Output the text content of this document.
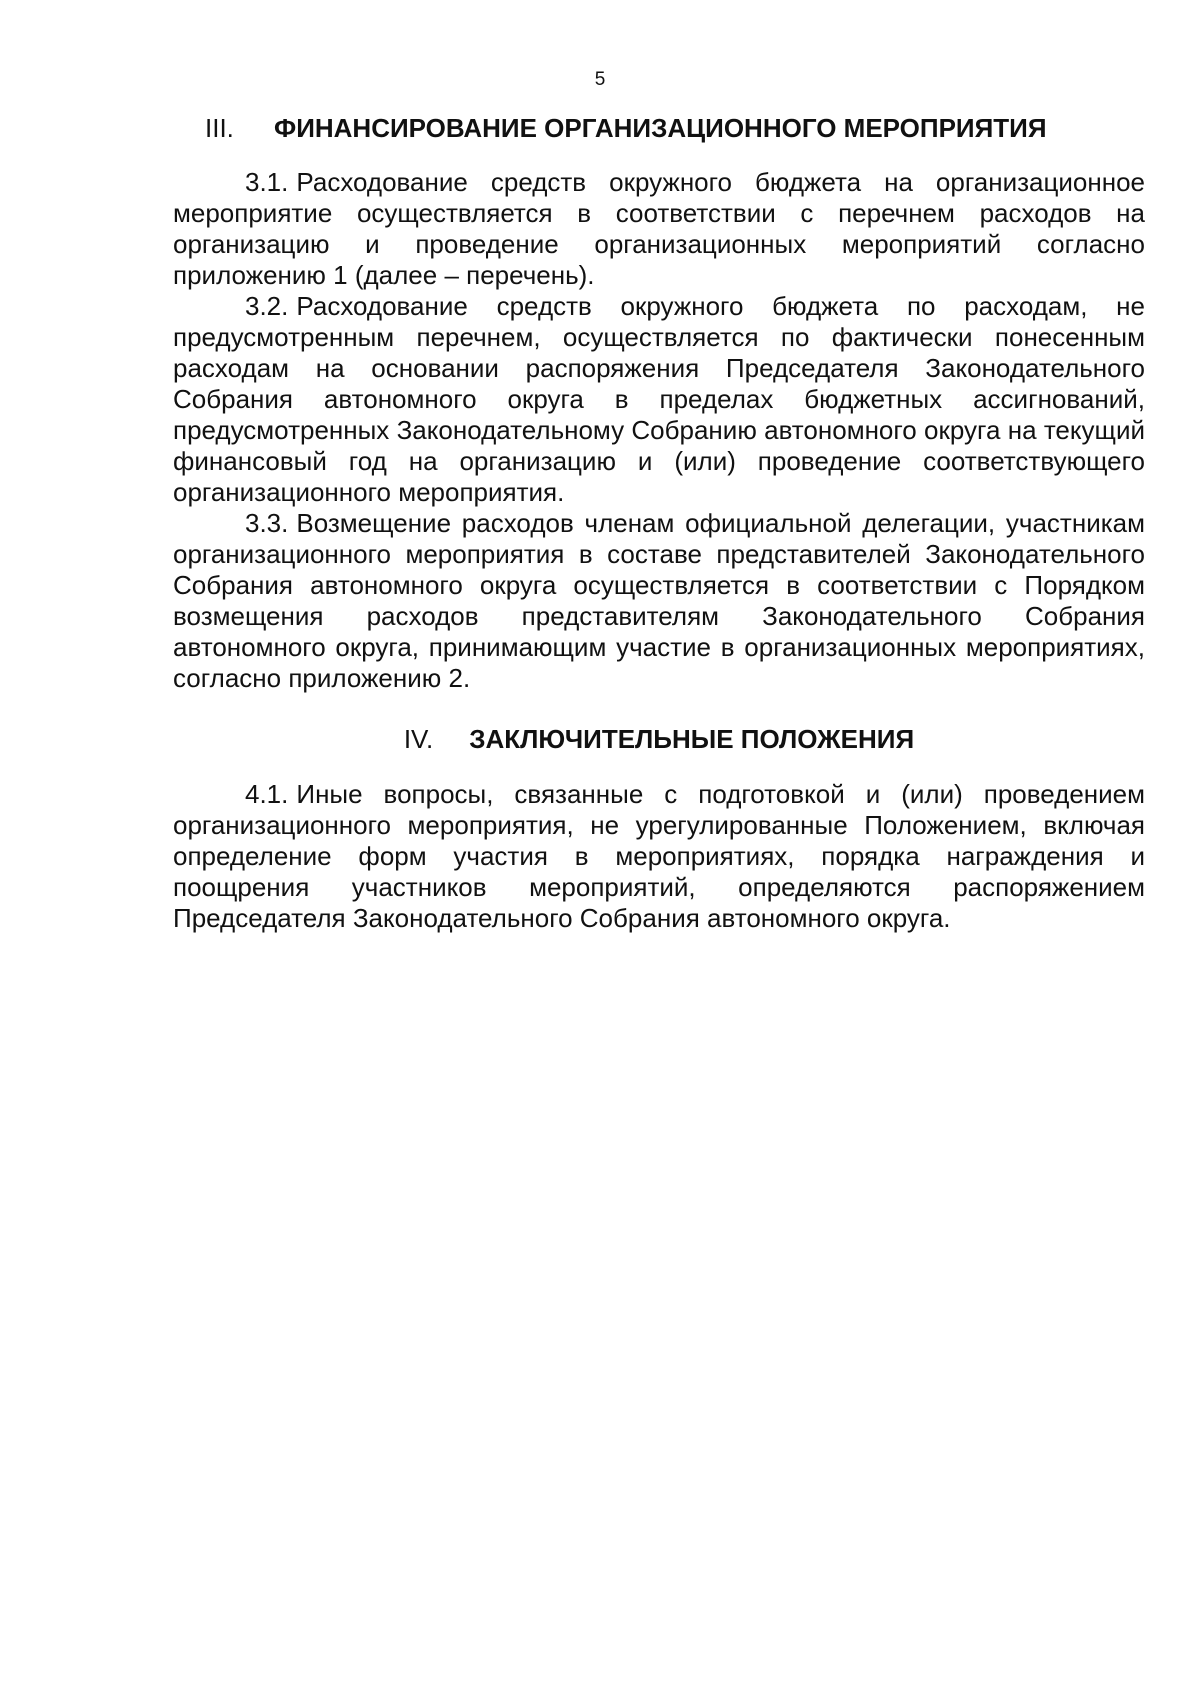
5
III. ФИНАНСИРОВАНИЕ ОРГАНИЗАЦИОННОГО МЕРОПРИЯТИЯ

3.1. Расходование средств окружного бюджета на организационное мероприятие осуществляется в соответствии с перечнем расходов на организацию и проведение организационных мероприятий согласно приложению 1 (далее – перечень).

3.2. Расходование средств окружного бюджета по расходам, не предусмотренным перечнем, осуществляется по фактически понесенным расходам на основании распоряжения Председателя Законодательного Собрания автономного округа в пределах бюджетных ассигнований, предусмотренных Законодательному Собранию автономного округа на текущий финансовый год на организацию и (или) проведение соответствующего организационного мероприятия.

3.3. Возмещение расходов членам официальной делегации, участникам организационного мероприятия в составе представителей Законодательного Собрания автономного округа осуществляется в соответствии с Порядком возмещения расходов представителям Законодательного Собрания автономного округа, принимающим участие в организационных мероприятиях, согласно приложению 2.

IV. ЗАКЛЮЧИТЕЛЬНЫЕ ПОЛОЖЕНИЯ

4.1. Иные вопросы, связанные с подготовкой и (или) проведением организационного мероприятия, не урегулированные Положением, включая определение форм участия в мероприятиях, порядка награждения и поощрения участников мероприятий, определяются распоряжением Председателя Законодательного Собрания автономного округа.
